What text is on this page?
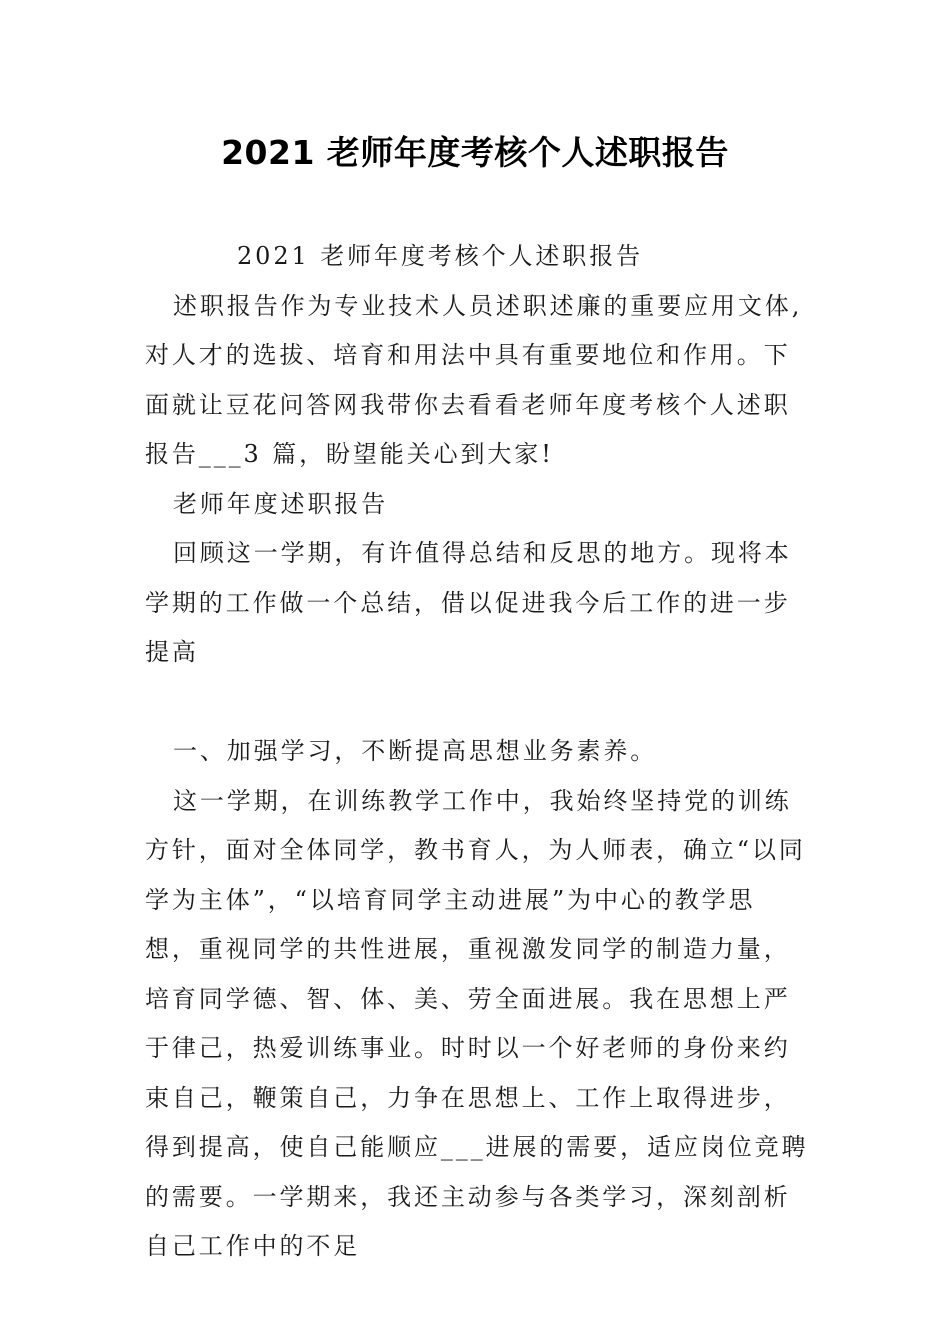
2021 老师年度考核个人述职报告

2021 老师年度考核个人述职报告

述职报告作为专业技术人员述职述廉的重要应用文体,对人才的选拔、培育和用法中具有重要地位和作用。下面就让豆花问答网我带你去看看老师年度考核个人述职报告___3 篇，盼望能关心到大家!

老师年度述职报告

回顾这一学期，有许值得总结和反思的地方。现将本学期的工作做一个总结，借以促进我今后工作的进一步提高

一、加强学习，不断提高思想业务素养。

这一学期，在训练教学工作中，我始终坚持党的训练方针，面对全体同学，教书育人，为人师表，确立“以同学为主体”，“以培育同学主动进展”为中心的教学思想，重视同学的共性进展，重视激发同学的制造力量，培育同学德、智、体、美、劳全面进展。我在思想上严于律己，热爱训练事业。时时以一个好老师的身份来约束自己，鞭策自己，力争在思想上、工作上取得进步，得到提高，使自己能顺应___进展的需要，适应岗位竞聘的需要。一学期来，我还主动参与各类学习，深刻剖析自己工作中的不足
